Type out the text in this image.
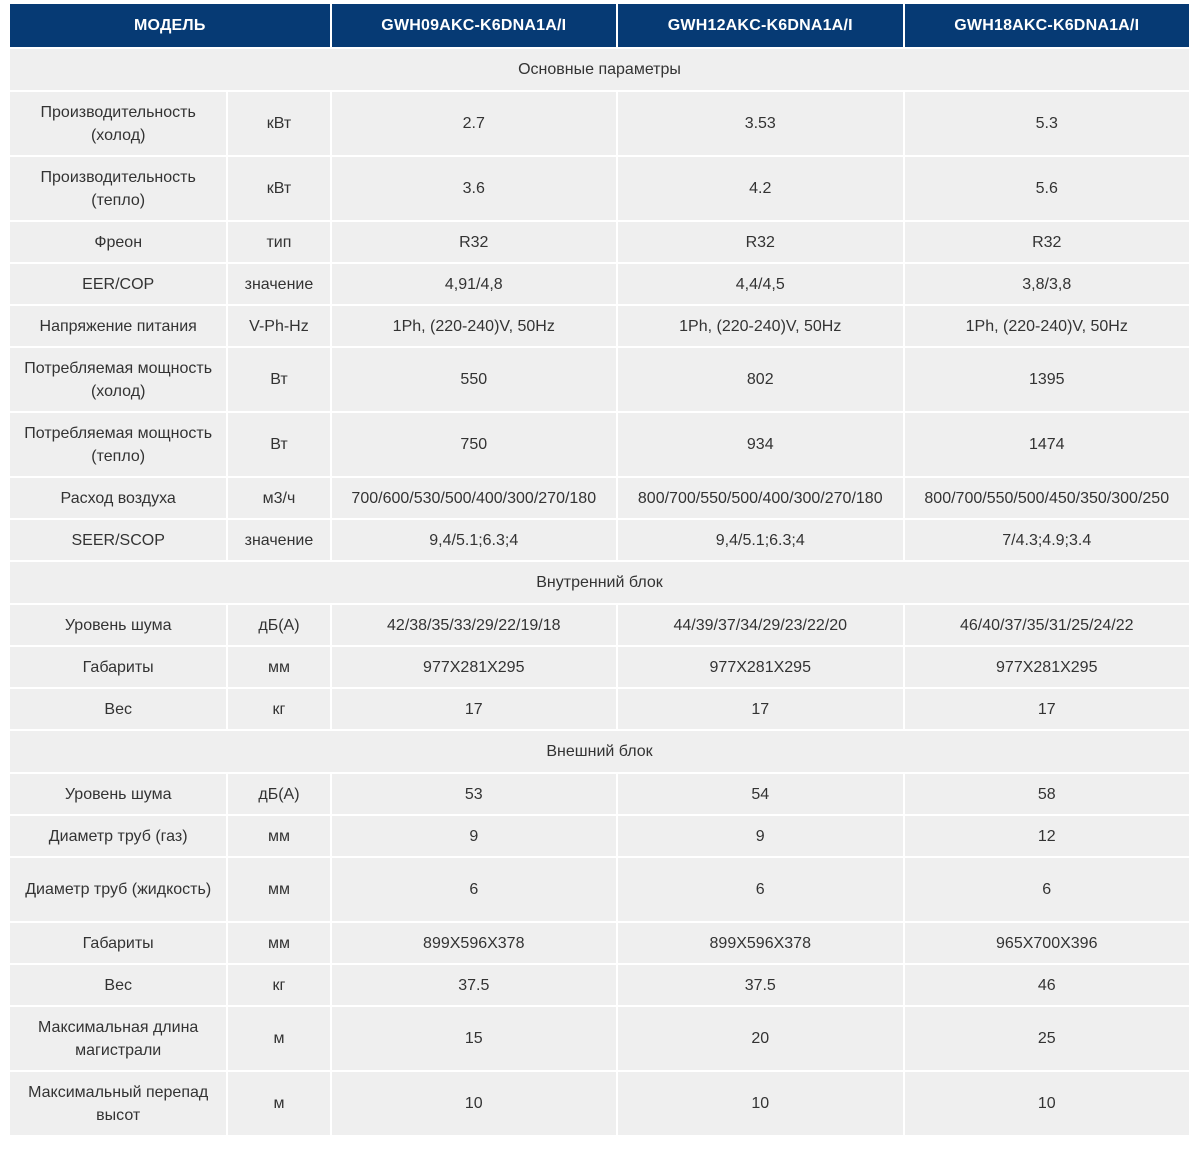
МОДЕЛЬ		GWH09AKC-K6DNA1A/I	GWH12AKC-K6DNA1A/I	GWH18AKC-K6DNA1A/I
Основные параметры				
Производительность (холод)	кВт	2.7	3.53	5.3
Производительность (тепло)	кВт	3.6	4.2	5.6
Фреон	тип	R32	R32	R32
EER/COP	значение	4,91/4,8	4,4/4,5	3,8/3,8
Напряжение питания	V-Ph-Hz	1Ph, (220-240)V, 50Hz	1Ph, (220-240)V, 50Hz	1Ph, (220-240)V, 50Hz
Потребляемая мощность (холод)	Вт	550	802	1395
Потребляемая мощность (тепло)	Вт	750	934	1474
Расход воздуха	м3/ч	700/600/530/500/400/300/270/180	800/700/550/500/400/300/270/180	800/700/550/500/450/350/300/250
SEER/SCOP	значение	9,4/5.1;6.3;4	9,4/5.1;6.3;4	7/4.3;4.9;3.4
Внутренний блок				
Уровень шума	дБ(А)	42/38/35/33/29/22/19/18	44/39/37/34/29/23/22/20	46/40/37/35/31/25/24/22
Габариты	мм	977X281X295	977X281X295	977X281X295
Вес	кг	17	17	17
Внешний блок				
Уровень шума	дБ(А)	53	54	58
Диаметр труб (газ)	мм	9	9	12
Диаметр труб (жидкость)	мм	6	6	6
Габариты	мм	899X596X378	899X596X378	965X700X396
Вес	кг	37.5	37.5	46
Максимальная длина магистрали	м	15	20	25
Максимальный перепад высот	м	10	10	10
